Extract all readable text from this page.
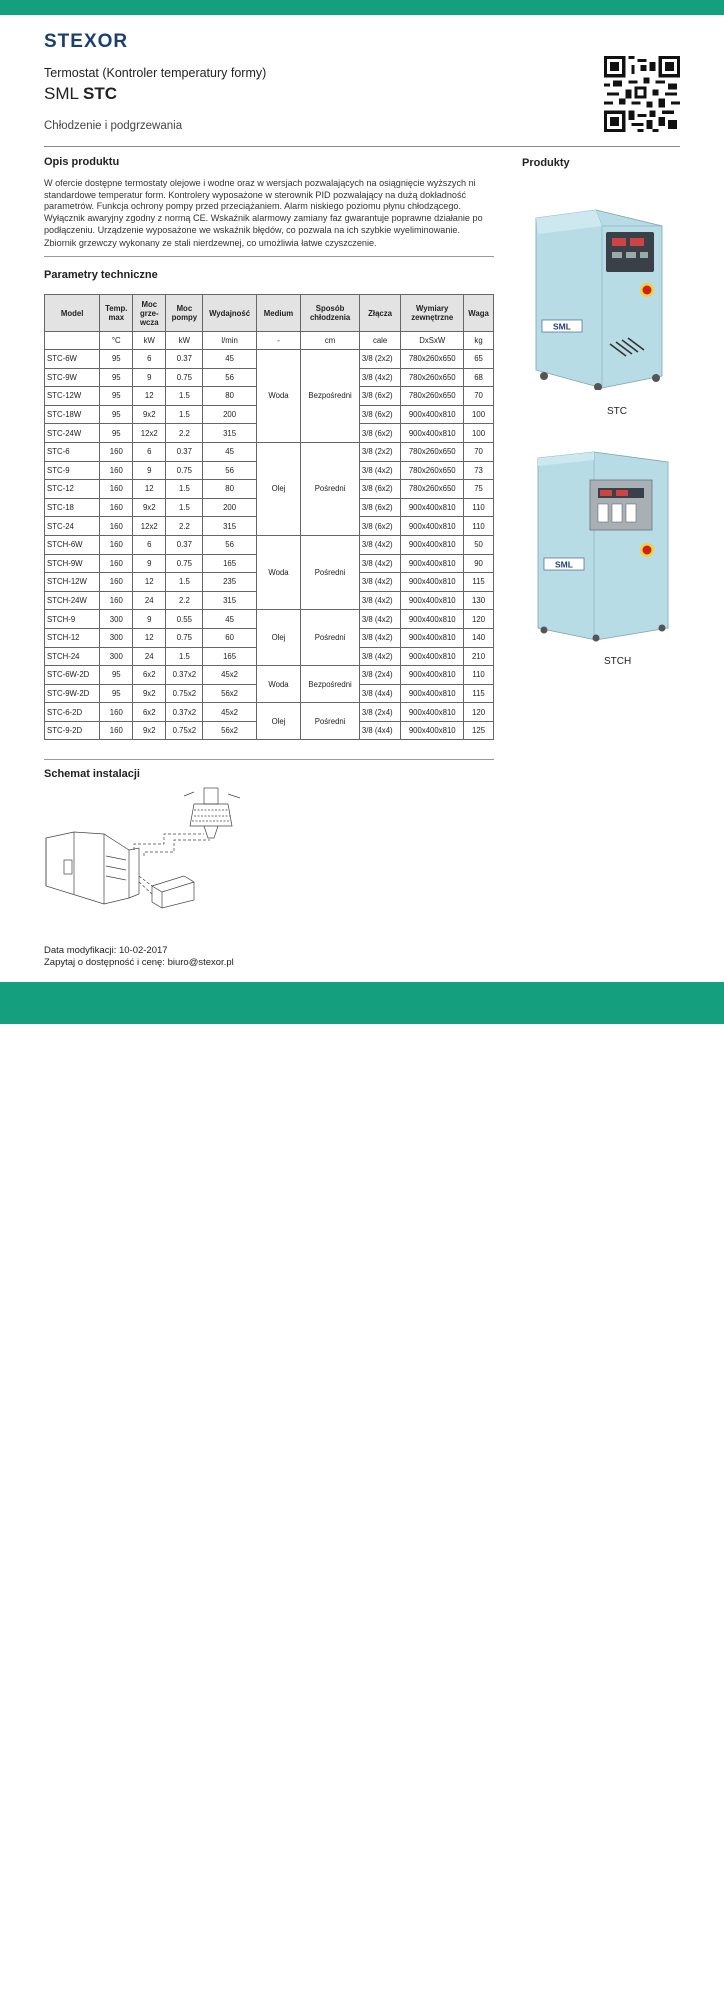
STEXOR
Termostat (Kontroler temperatury formy)
SML STC
Chłodzenie i podgrzewania
Opis produktu	Produkty

W ofercie dostępne termostaty olejowe i wodne oraz w wersjach pozwalających na osiągnięcie wyższych ni standardowe temperatur form. Kontrolery wyposażone w sterownik PID pozwalający na dużą dokładność parametrów. Funkcja ochrony pompy przed przeciążaniem. Alarm niskiego poziomu płynu chłodzącego. Wyłącznik awaryjny zgodny z normą CE. Wskaźnik alarmowy zamiany faz gwarantuje poprawne działanie po podłączeniu. Urządzenie wyposażone we wskaźnik błędów, co pozwala na ich szybkie wyeliminowanie.

Zbiornik grzewczy wykonany ze stali nierdzewnej, co umożliwia łatwe czyszczenie.

Parametry techniczne
Model	Temp. max	Moc grze-wcza	Moc pompy	Wydajność	Medium	Sposób chłodzenia	Złącza	Wymiary zewnętrzne	Waga
	°C	kW	kW	l/min	-	cm	cale	DxSxW	kg
STC-6W	95	6	0.37	45	Woda	Bezpośredni	3/8 (2x2)	780x260x650	65
STC-9W	95	9	0.75	56			3/8 (4x2)	780x260x650	68
STC-12W	95	12	1.5	80			3/8 (6x2)	780x260x650	70
STC-18W	95	9x2	1.5	200			3/8 (6x2)	900x400x810	100
STC-24W	95	12x2	2.2	315			3/8 (6x2)	900x400x810	100
STC-6	160	6	0.37	45	Olej	Pośredni	3/8 (2x2)	780x260x650	70
STC-9	160	9	0.75	56			3/8 (4x2)	780x260x650	73
STC-12	160	12	1.5	80			3/8 (6x2)	780x260x650	75
STC-18	160	9x2	1.5	200			3/8 (6x2)	900x400x810	110
STC-24	160	12x2	2.2	315			3/8 (6x2)	900x400x810	110
STCH-6W	160	6	0.37	56	Woda	Pośredni	3/8 (4x2)	900x400x810	50
STCH-9W	160	9	0.75	165			3/8 (4x2)	900x400x810	90
STCH-12W	160	12	1.5	235			3/8 (4x2)	900x400x810	115
STCH-24W	160	24	2.2	315			3/8 (4x2)	900x400x810	130
STCH-9	300	9	0.55	45	Olej	Pośredni	3/8 (4x2)	900x400x810	120
STCH-12	300	12	0.75	60			3/8 (4x2)	900x400x810	140
STCH-24	300	24	1.5	165			3/8 (4x2)	900x400x810	210
STC-6W-2D	95	6x2	0.37x2	45x2	Woda	Bezpośredni	3/8 (2x4)	900x400x810	110
STC-9W-2D	95	9x2	0.75x2	56x2			3/8 (4x4)	900x400x810	115
STC-6-2D	160	6x2	0.37x2	45x2	Olej	Pośredni	3/8 (2x4)	900x400x810	120
STC-9-2D	160	9x2	0.75x2	56x2			3/8 (4x4)	900x400x810	125
Schemat instalacji
Data modyfikacji: 10-02-2017
Zapytaj o dostępność i cenę: biuro@stexor.pl
SML
STC
SML
STCH
Stexor Polska Sp. z o. o.
Święty Marcin 29/8, 61-805 Poznań
www.stexor.pl, biuro@stexor.pl
+48 61 415 14 78, +48 690 930 632
NIP: 7831716816
KRS: 0000524304
